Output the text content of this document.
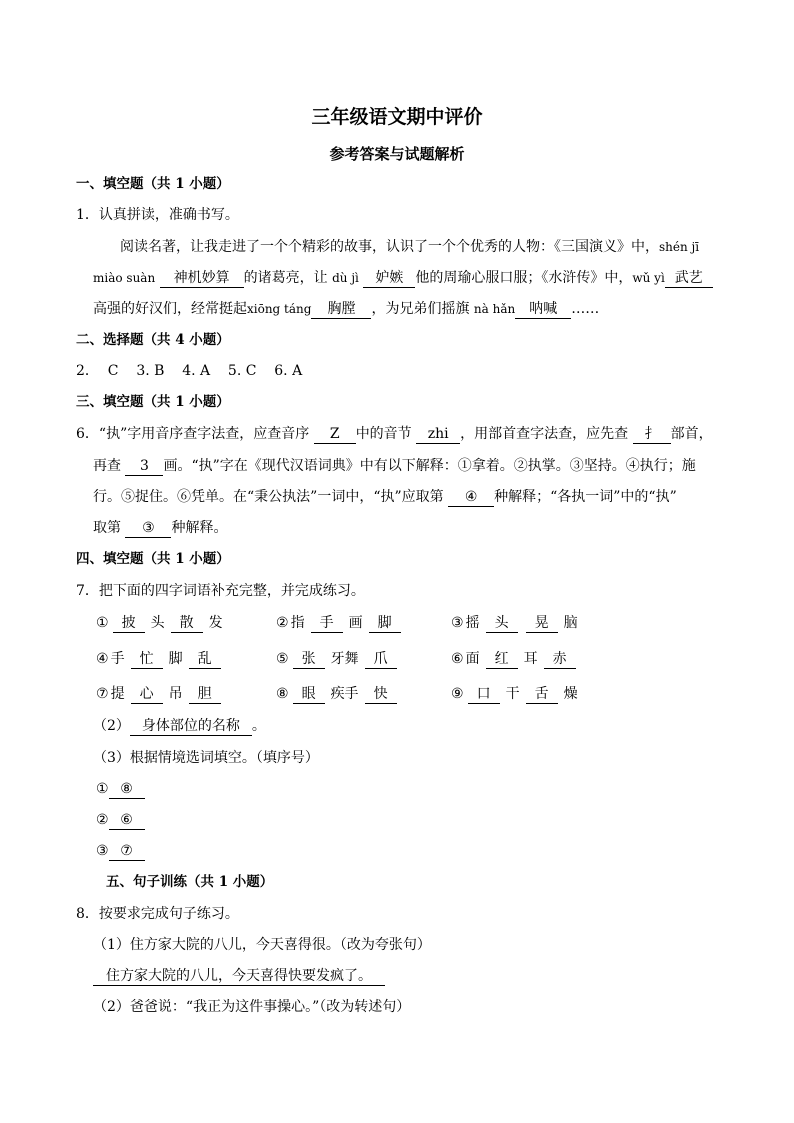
三年级语文期中评价
参考答案与试题解析
一、填空题（共 1 小题）
1．认真拼读，准确书写。
阅读名著，让我走进了一个个精彩的故事，认识了一个个优秀的人物：《三国演义》中，shén jī
miào suàn 神机妙算 的诸葛亮，让 dù jì 妒嫉 他的周瑜心服口服；《水浒传》中，wǔ yì 武艺
高强的好汉们，经常挺起xiōng táng 胸膛 ，为兄弟们摇旗 nà hǎn 呐喊 ……
二、选择题（共 4 小题）
2．  C    3. B    4. A    5. C    6. A
三、填空题（共 1 小题）
6．“执”字用音序查字法查，应查音序 Z 中的音节 zhi ，用部首查字法查，应先查 扌 部首，
再查 3 画。“执”字在《现代汉语词典》中有以下解释：①拿着。②执掌。③坚持。④执行；施
行。⑤捉住。⑥凭单。在“秉公执法”一词中，“执”应取第 ④ 种解释；“各执一词”中的“执”
取第 ③ 种解释。
四、填空题（共 1 小题）
7．把下面的四字词语补充完整，并完成练习。
① 披 头 散 发	② 指 手 画 脚	③ 摇 头 晃 脑
④ 手 忙 脚 乱	⑤ 张 牙舞 爪	⑥ 面 红 耳 赤
⑦ 提 心 吊 胆	⑧ 眼 疾手 快	⑨ 口 干 舌 燥
（2） 身体部位的名称 。
（3）根据情境选词填空。（填序号）
① ⑧
② ⑥
③ ⑦
五、句子训练（共 1 小题）
8．按要求完成句子练习。
（1）住方家大院的八儿，今天喜得很。（改为夸张句）
住方家大院的八儿，今天喜得快要发疯了。
（2）爸爸说：“我正为这件事操心。”（改为转述句）
